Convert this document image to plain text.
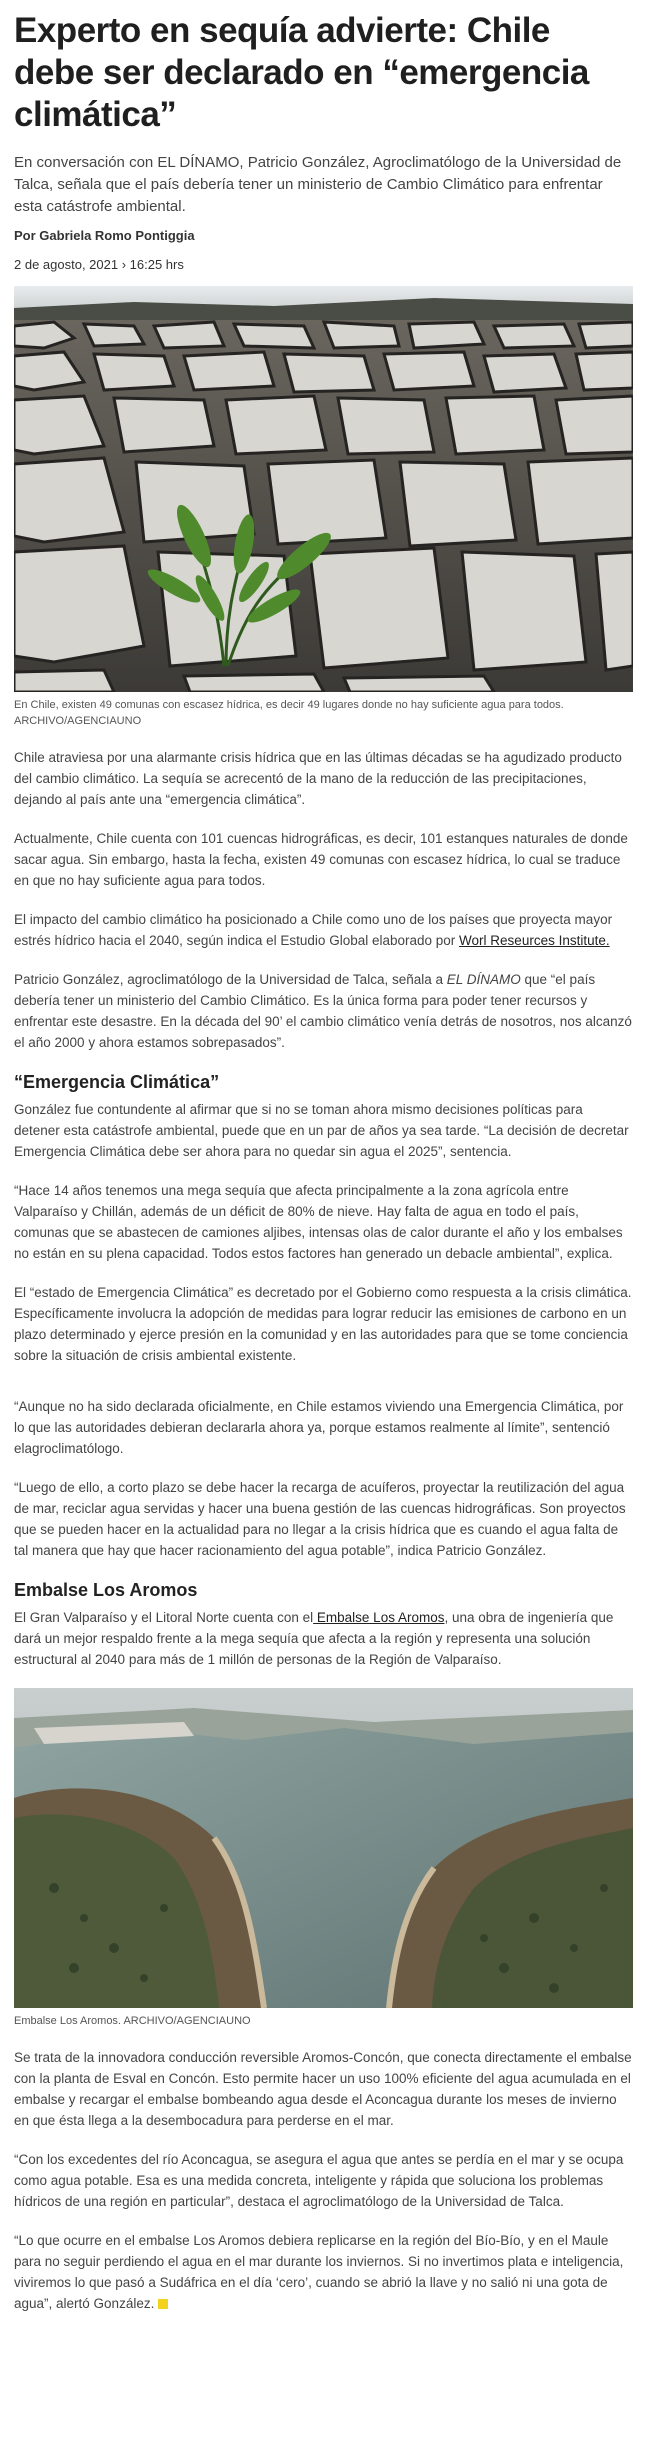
Experto en sequía advierte: Chile debe ser declarado en “emergencia climática”

En conversación con EL DÍNAMO, Patricio González, Agroclimatólogo de la Universidad de Talca, señala que el país debería tener un ministerio de Cambio Climático para enfrentar esta catástrofe ambiental.

Por Gabriela Romo Pontiggia
2 de agosto, 2021 › 16:25 hrs
En Chile, existen 49 comunas con escasez hídrica, es decir 49 lugares donde no hay suficiente agua para todos. ARCHIVO/AGENCIAUNO

Chile atraviesa por una alarmante crisis hídrica que en las últimas décadas se ha agudizado producto del cambio climático. La sequía se acrecentó de la mano de la reducción de las precipitaciones, dejando al país ante una “emergencia climática”.

Actualmente, Chile cuenta con 101 cuencas hidrográficas, es decir, 101 estanques naturales de donde sacar agua. Sin embargo, hasta la fecha, existen 49 comunas con escasez hídrica, lo cual se traduce en que no hay suficiente agua para todos.

El impacto del cambio climático ha posicionado a Chile como uno de los países que proyecta mayor estrés hídrico hacia el 2040, según indica el Estudio Global elaborado por Worl Reseurces Institute.

Patricio González, agroclimatólogo de la Universidad de Talca, señala a EL DÍNAMO que “el país debería tener un ministerio del Cambio Climático. Es la única forma para poder tener recursos y enfrentar este desastre. En la década del 90’ el cambio climático venía detrás de nosotros, nos alcanzó el año 2000 y ahora estamos sobrepasados”.

“Emergencia Climática”

González fue contundente al afirmar que si no se toman ahora mismo decisiones políticas para detener esta catástrofe ambiental, puede que en un par de años ya sea tarde. “La decisión de decretar Emergencia Climática debe ser ahora para no quedar sin agua el 2025”, sentencia.

“Hace 14 años tenemos una mega sequía que afecta principalmente a la zona agrícola entre Valparaíso y Chillán, además de un déficit de 80% de nieve. Hay falta de agua en todo el país, comunas que se abastecen de camiones aljibes, intensas olas de calor durante el año y los embalses no están en su plena capacidad. Todos estos factores han generado un debacle ambiental”, explica.

El “estado de Emergencia Climática” es decretado por el Gobierno como respuesta a la crisis climática. Específicamente involucra la adopción de medidas para lograr reducir las emisiones de carbono en un plazo determinado y ejerce presión en la comunidad y en las autoridades para que se tome conciencia sobre la situación de crisis ambiental existente.

“Aunque no ha sido declarada oficialmente, en Chile estamos viviendo una Emergencia Climática, por lo que las autoridades debieran declararla ahora ya, porque estamos realmente al límite”, sentenció elagroclimatólogo.

“Luego de ello, a corto plazo se debe hacer la recarga de acuíferos, proyectar la reutilización del agua de mar, reciclar agua servidas y hacer una buena gestión de las cuencas hidrográficas. Son proyectos que se pueden hacer en la actualidad para no llegar a la crisis hídrica que es cuando el agua falta de tal manera que hay que hacer racionamiento del agua potable”, indica Patricio González.

Embalse Los Aromos

El Gran Valparaíso y el Litoral Norte cuenta con el Embalse Los Aromos, una obra de ingeniería que dará un mejor respaldo frente a la mega sequía que afecta a la región y representa una solución estructural al 2040 para más de 1 millón de personas de la Región de Valparaíso.

Embalse Los Aromos. ARCHIVO/AGENCIAUNO

Se trata de la innovadora conducción reversible Aromos-Concón, que conecta directamente el embalse con la planta de Esval en Concón. Esto permite hacer un uso 100% eficiente del agua acumulada en el embalse y recargar el embalse bombeando agua desde el Aconcagua durante los meses de invierno en que ésta llega a la desembocadura para perderse en el mar.

“Con los excedentes del río Aconcagua, se asegura el agua que antes se perdía en el mar y se ocupa como agua potable. Esa es una medida concreta, inteligente y rápida que soluciona los problemas hídricos de una región en particular”, destaca el agroclimatólogo de la Universidad de Talca.

“Lo que ocurre en el embalse Los Aromos debiera replicarse en la región del Bío-Bío, y en el Maule para no seguir perdiendo el agua en el mar durante los inviernos. Si no invertimos plata e inteligencia, viviremos lo que pasó a Sudáfrica en el día ‘cero’, cuando se abrió la llave y no salió ni una gota de agua”, alertó González.
